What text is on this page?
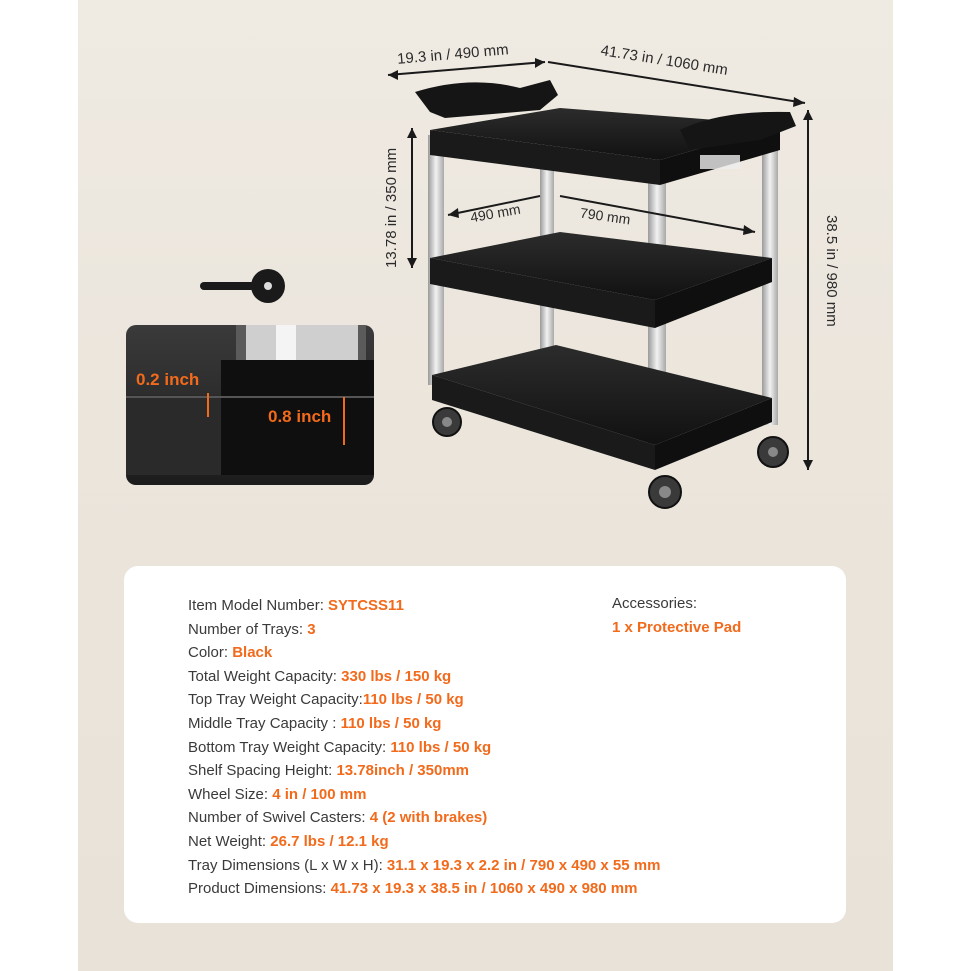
19.3 in / 490 mm	41.73 in / 1060 mm
13.78 in / 350 mm
38.5 in / 980 mm
490 mm	790 mm
0.2 inch
0.8 inch
Item Model Number: SYTCSS11
Number of Trays: 3
Color: Black
Total Weight Capacity: 330 lbs / 150 kg
Top Tray Weight Capacity:110 lbs / 50 kg
Middle Tray Capacity : 110 lbs / 50 kg
Bottom Tray Weight Capacity: 110 lbs / 50 kg
Shelf Spacing Height: 13.78inch / 350mm
Wheel Size: 4 in / 100 mm
Number of Swivel Casters: 4 (2 with brakes)
Net Weight: 26.7 lbs / 12.1 kg
Tray Dimensions (L x W x H): 31.1 x 19.3 x 2.2 in / 790 x 490 x 55 mm
Product Dimensions: 41.73 x 19.3 x 38.5 in / 1060 x 490 x 980 mm
Accessories:
1 x Protective Pad
